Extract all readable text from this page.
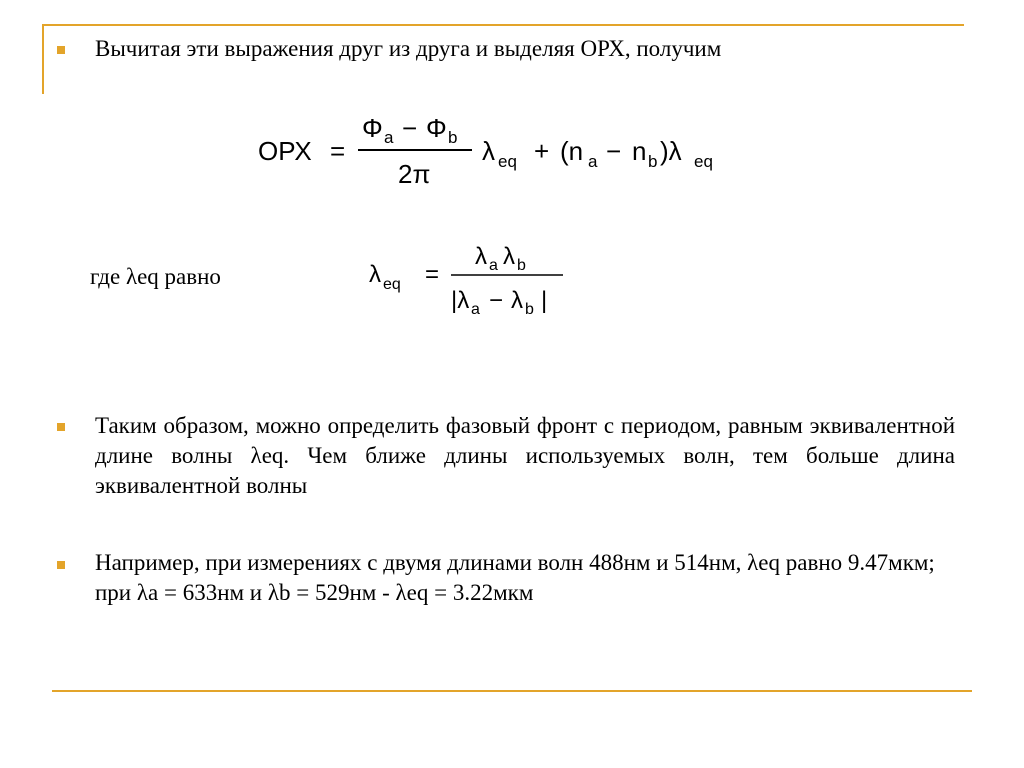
Вычитая эти выражения друг из друга и выделяя ОРХ, получим
ОРХ =
Φ a − Φ b
2π
λ eq + (n a − n b )λ eq
где λeq равно	λ eq =
λ a λ b
|λ a − λ b |
Таким образом, можно определить фазовый фронт с периодом, равным эквивалентной длине волны λeq. Чем ближе длины используемых волн, тем больше длина эквивалентной волны
Например, при измерениях с двумя длинами волн 488нм и 514нм, λeq равно 9.47мкм; при λa = 633нм и λb = 529нм - λeq = 3.22мкм
